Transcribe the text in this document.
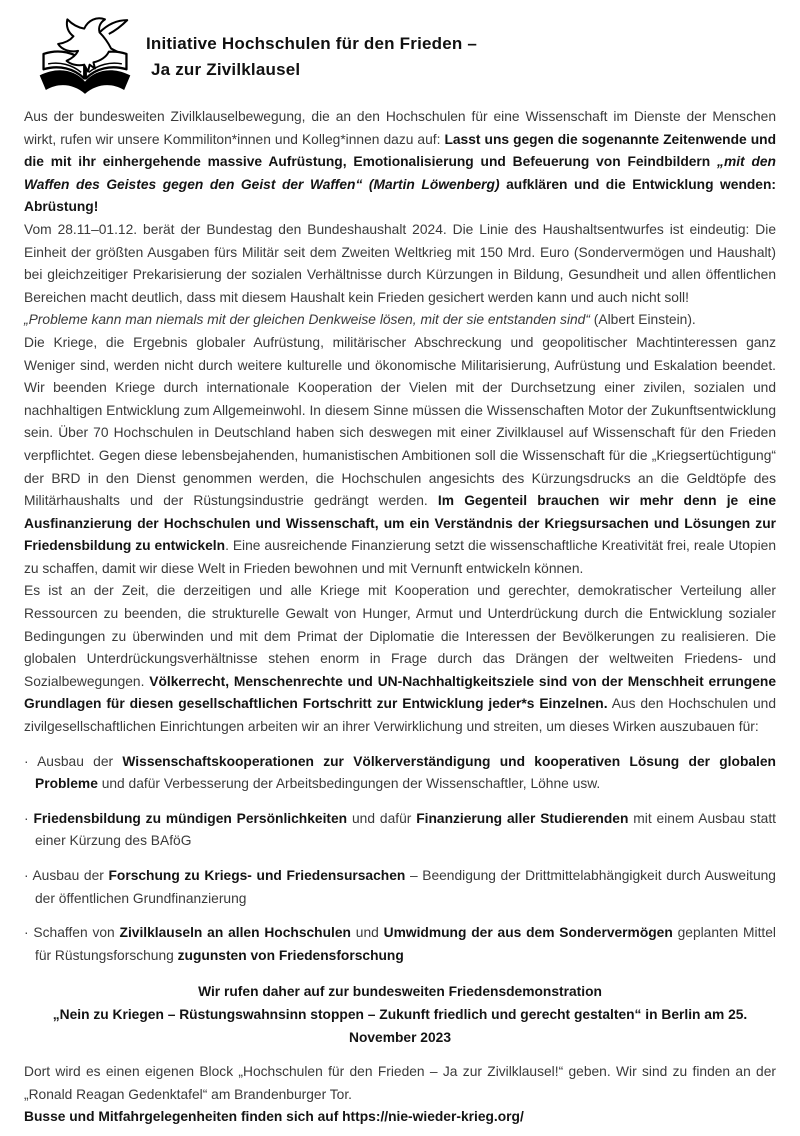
Initiative Hochschulen für den Frieden –
Ja zur Zivilklausel

Aus der bundesweiten Zivilklauselbewegung, die an den Hochschulen für eine Wissenschaft im Dienste der Menschen wirkt, rufen wir unsere Kommiliton*innen und Kolleg*innen dazu auf: Lasst uns gegen die sogenannte Zeitenwende und die mit ihr einhergehende massive Aufrüstung, Emotionalisierung und Befeuerung von Feindbildern „mit den Waffen des Geistes gegen den Geist der Waffen“ (Martin Löwenberg) aufklären und die Entwicklung wenden: Abrüstung!

Vom 28.11–01.12. berät der Bundestag den Bundeshaushalt 2024. Die Linie des Haushaltsentwurfes ist eindeutig: Die Einheit der größten Ausgaben fürs Militär seit dem Zweiten Weltkrieg mit 150 Mrd. Euro (Sondervermögen und Haushalt) bei gleichzeitiger Prekarisierung der sozialen Verhältnisse durch Kürzungen in Bildung, Gesundheit und allen öffentlichen Bereichen macht deutlich, dass mit diesem Haushalt kein Frieden gesichert werden kann und auch nicht soll!

„Probleme kann man niemals mit der gleichen Denkweise lösen, mit der sie entstanden sind“ (Albert Einstein).

Die Kriege, die Ergebnis globaler Aufrüstung, militärischer Abschreckung und geopolitischer Machtinteressen ganz Weniger sind, werden nicht durch weitere kulturelle und ökonomische Militarisierung, Aufrüstung und Eskalation beendet. Wir beenden Kriege durch internationale Kooperation der Vielen mit der Durchsetzung einer zivilen, sozialen und nachhaltigen Entwicklung zum Allgemeinwohl. In diesem Sinne müssen die Wissenschaften Motor der Zukunftsentwicklung sein. Über 70 Hochschulen in Deutschland haben sich deswegen mit einer Zivilklausel auf Wissenschaft für den Frieden verpflichtet. Gegen diese lebensbejahenden, humanistischen Ambitionen soll die Wissenschaft für die „Kriegsertüchtigung“ der BRD in den Dienst genommen werden, die Hochschulen angesichts des Kürzungsdrucks an die Geldtöpfe des Militärhaushalts und der Rüstungsindustrie gedrängt werden. Im Gegenteil brauchen wir mehr denn je eine Ausfinanzierung der Hochschulen und Wissenschaft, um ein Verständnis der Kriegsursachen und Lösungen zur Friedensbildung zu entwickeln. Eine ausreichende Finanzierung setzt die wissenschaftliche Kreativität frei, reale Utopien zu schaffen, damit wir diese Welt in Frieden bewohnen und mit Vernunft entwickeln können.

Es ist an der Zeit, die derzeitigen und alle Kriege mit Kooperation und gerechter, demokratischer Verteilung aller Ressourcen zu beenden, die strukturelle Gewalt von Hunger, Armut und Unterdrückung durch die Entwicklung sozialer Bedingungen zu überwinden und mit dem Primat der Diplomatie die Interessen der Bevölkerungen zu realisieren. Die globalen Unterdrückungsverhältnisse stehen enorm in Frage durch das Drängen der weltweiten Friedens- und Sozialbewegungen. Völkerrecht, Menschenrechte und UN-Nachhaltigkeitsziele sind von der Menschheit errungene Grundlagen für diesen gesellschaftlichen Fortschritt zur Entwicklung jeder*s Einzelnen. Aus den Hochschulen und zivilgesellschaftlichen Einrichtungen arbeiten wir an ihrer Verwirklichung und streiten, um dieses Wirken auszubauen für:

· Ausbau der Wissenschaftskooperationen zur Völkerverständigung und kooperativen Lösung der globalen Probleme und dafür Verbesserung der Arbeitsbedingungen der Wissenschaftler, Löhne usw.

· Friedensbildung zu mündigen Persönlichkeiten und dafür Finanzierung aller Studierenden mit einem Ausbau statt einer Kürzung des BAföG

· Ausbau der Forschung zu Kriegs- und Friedensursachen – Beendigung der Drittmittelabhängigkeit durch Ausweitung der öffentlichen Grundfinanzierung

· Schaffen von Zivilklauseln an allen Hochschulen und Umwidmung der aus dem Sondervermögen geplanten Mittel für Rüstungsforschung zugunsten von Friedensforschung

Wir rufen daher auf zur bundesweiten Friedensdemonstration

„Nein zu Kriegen – Rüstungswahnsinn stoppen – Zukunft friedlich und gerecht gestalten“ in Berlin am 25. November 2023

Dort wird es einen eigenen Block „Hochschulen für den Frieden – Ja zur Zivilklausel!“ geben. Wir sind zu finden an der „Ronald Reagan Gedenktafel“ am Brandenburger Tor.

Busse und Mitfahrgelegenheiten finden sich auf https://nie-wieder-krieg.org/
